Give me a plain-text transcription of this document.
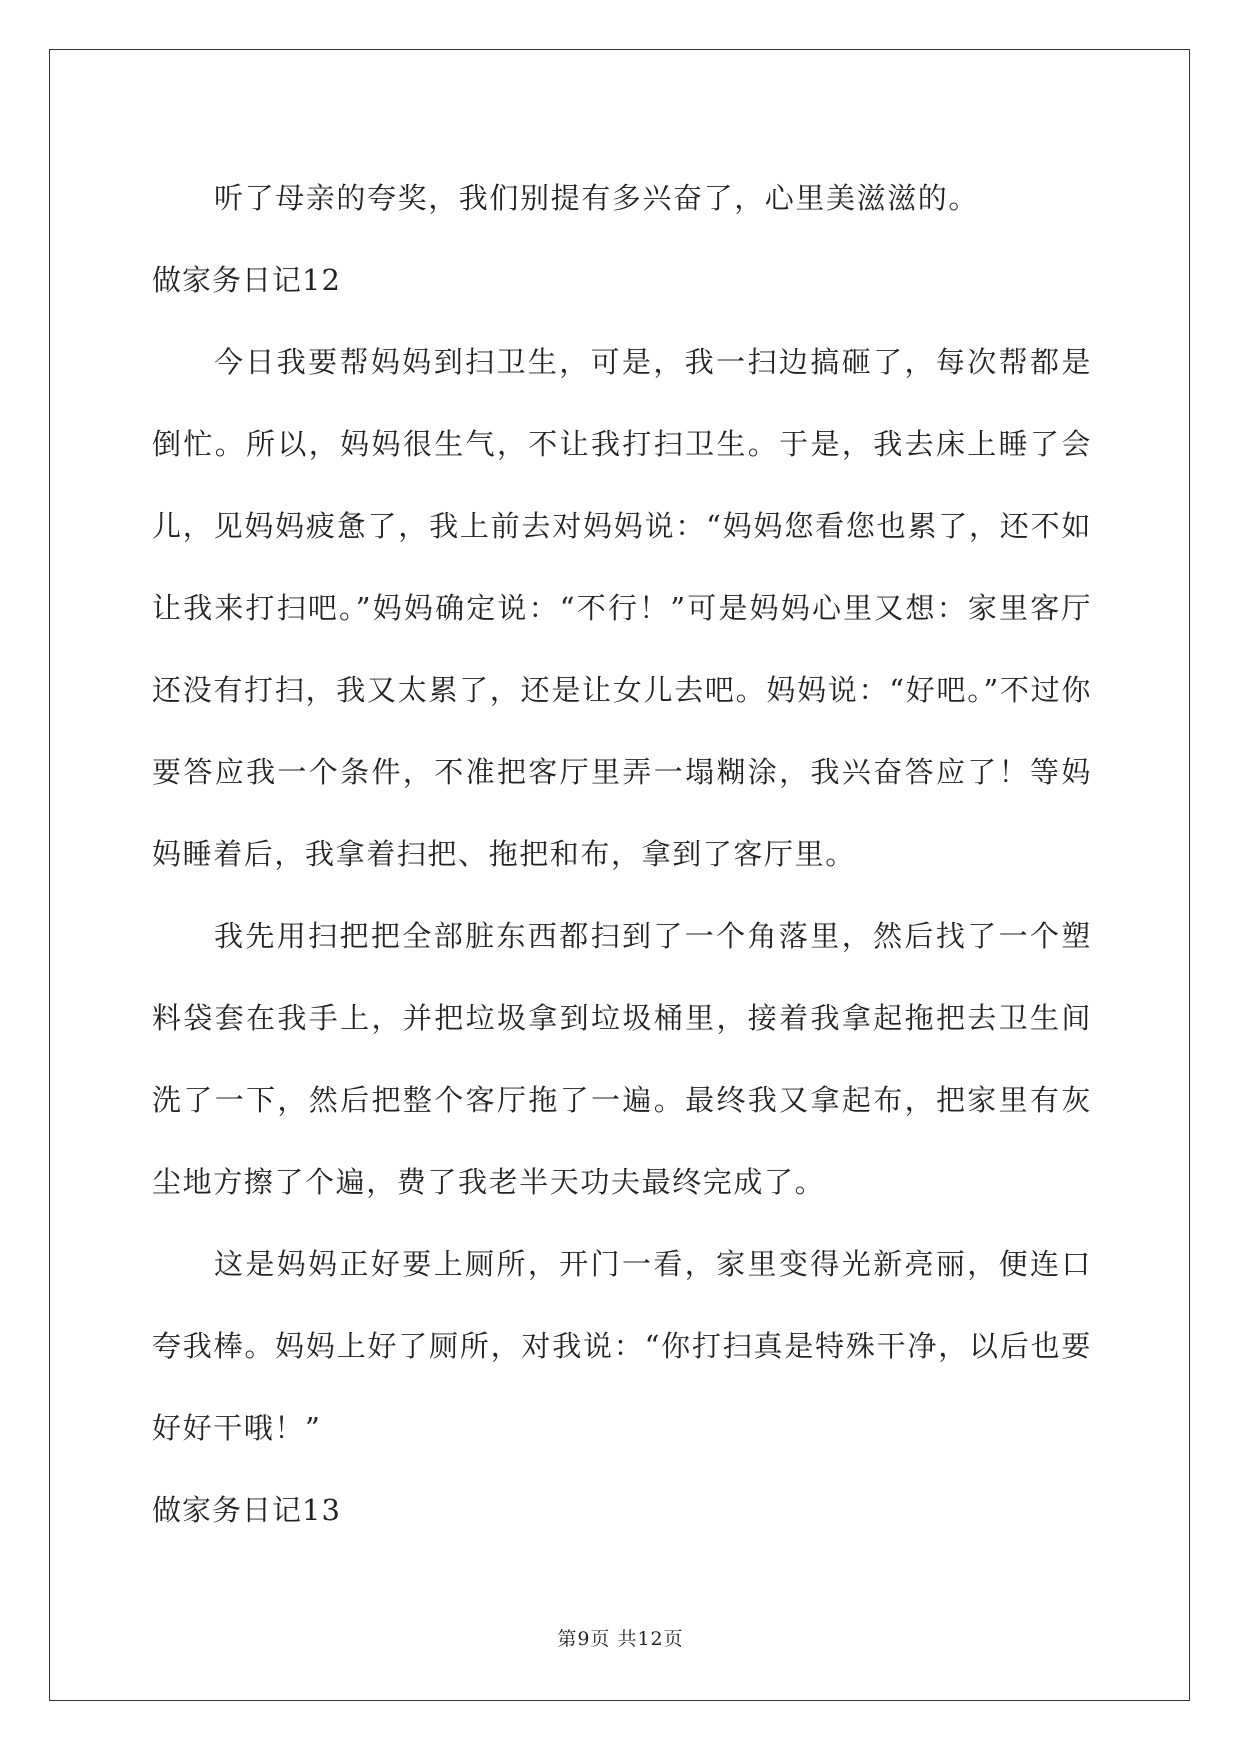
听了母亲的夸奖，我们别提有多兴奋了，心里美滋滋的。

做家务日记12

今日我要帮妈妈到扫卫生，可是，我一扫边搞砸了，每次帮都是倒忙。所以，妈妈很生气，不让我打扫卫生。于是，我去床上睡了会儿，见妈妈疲惫了，我上前去对妈妈说：“妈妈您看您也累了，还不如让我来打扫吧。”妈妈确定说：“不行！”可是妈妈心里又想：家里客厅还没有打扫，我又太累了，还是让女儿去吧。妈妈说：“好吧。”不过你要答应我一个条件，不准把客厅里弄一塌糊涂，我兴奋答应了！等妈妈睡着后，我拿着扫把、拖把和布，拿到了客厅里。

我先用扫把把全部脏东西都扫到了一个角落里，然后找了一个塑料袋套在我手上，并把垃圾拿到垃圾桶里，接着我拿起拖把去卫生间洗了一下，然后把整个客厅拖了一遍。最终我又拿起布，把家里有灰尘地方擦了个遍，费了我老半天功夫最终完成了。

这是妈妈正好要上厕所，开门一看，家里变得光新亮丽，便连口夸我棒。妈妈上好了厕所，对我说：“你打扫真是特殊干净，以后也要好好干哦！”

做家务日记13

第9页 共12页
